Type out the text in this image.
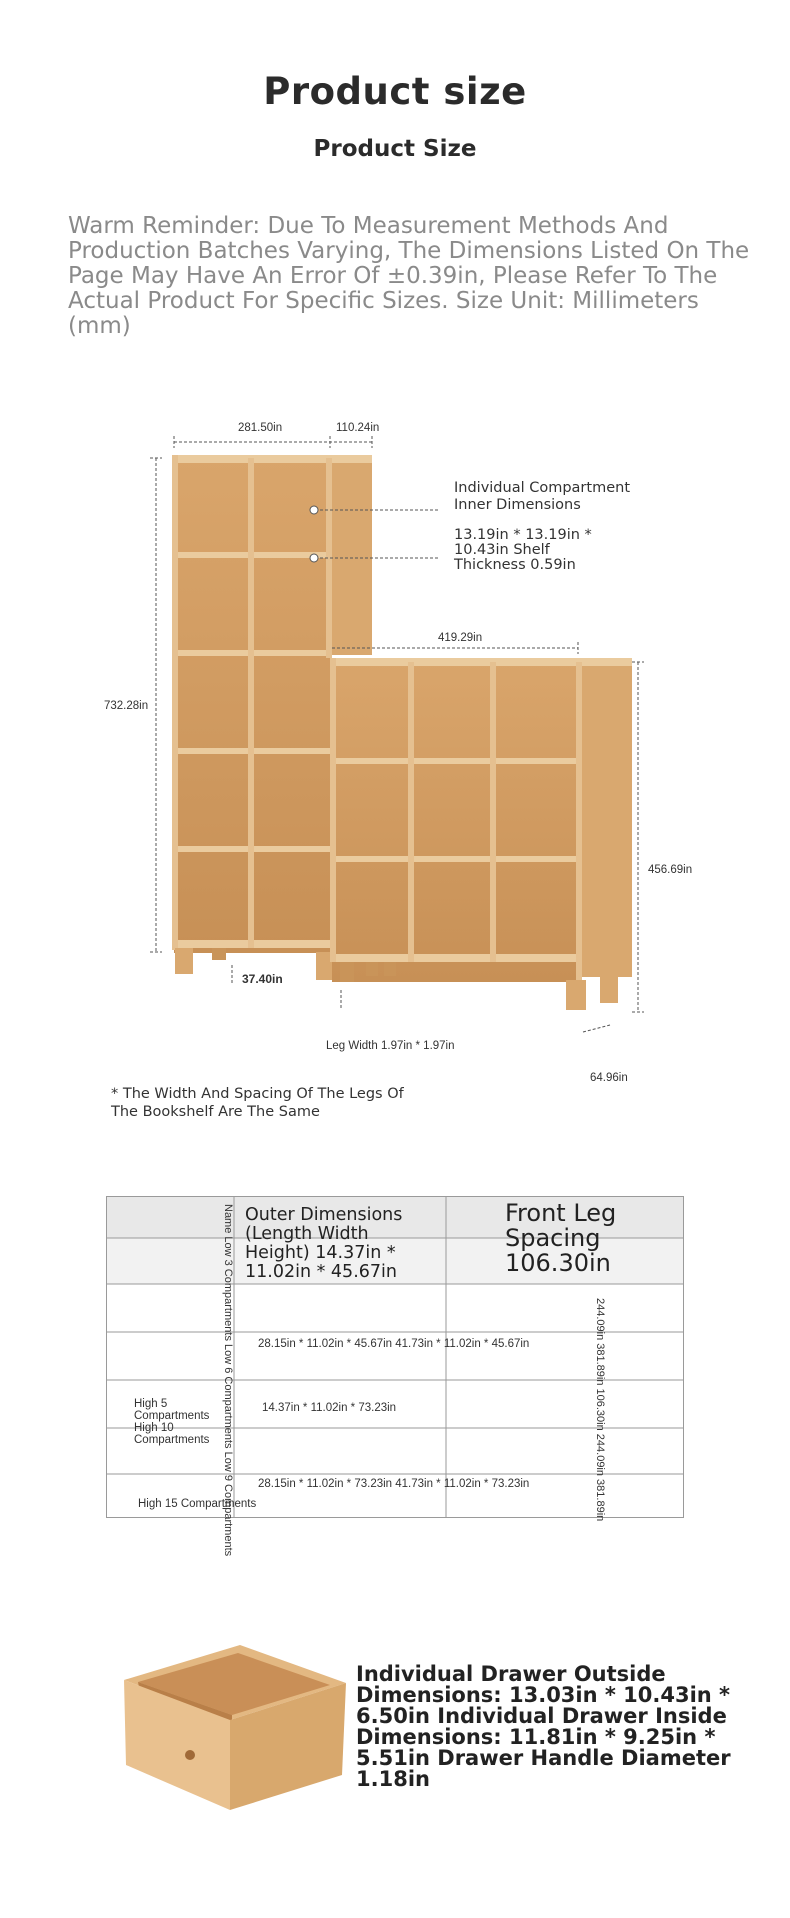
Product size
Product Size
Warm Reminder: Due To Measurement Methods And Production Batches Varying, The Dimensions Listed On The Page May Have An Error Of ±0.39in, Please Refer To The Actual Product For Specific Sizes. Size Unit: Millimeters (mm)
281.50in	110.24in
732.28in
419.29in
456.69in
37.40in
Leg Width 1.97in * 1.97in
64.96in
Individual Compartment Inner Dimensions
13.19in * 13.19in * 10.43in Shelf Thickness 0.59in
* The Width And Spacing Of The Legs Of The Bookshelf Are The Same
Name Low 3 Compartments Low 6 Compartments Low 9 Compartments Outer Dimensions (Length Width Height) 14.37in * 11.02in * 45.67in
Front Leg Spacing 106.30in
244.09in 381.89in 106.30in 244.09in 381.89in
28.15in * 11.02in * 45.67in 41.73in * 11.02in * 45.67in
High 5 Compartments
14.37in * 11.02in * 73.23in
High 10 Compartments
28.15in * 11.02in * 73.23in 41.73in * 11.02in * 73.23in
High 15 Compartments
Individual Drawer Outside Dimensions: 13.03in * 10.43in * 6.50in Individual Drawer Inside Dimensions: 11.81in * 9.25in * 5.51in Drawer Handle Diameter 1.18in
